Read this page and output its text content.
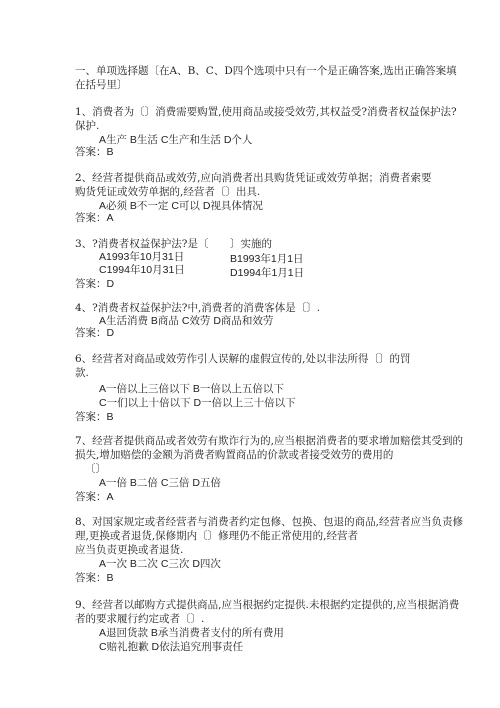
一、单项选择题〔在A、B、C、D四个选项中只有一个是正确答案,选出正确答案填
在括号里〕
1、消费者为〔〕消费需要购置,使用商品或接受效劳,其权益受?消费者权益保护法?
保护.
A生产 B生活 C生产和生活 D个人
答案：B
2、经营者提供商品或效劳,应向消费者出具购货凭证或效劳单据；消费者索要
购货凭证或效劳单据的,经营者〔〕出具.
A必须 B不一定 C可以 D视具体情况
答案：A
3、?消费者权益保护法?是〔 〕实施的
A1993年10月31日	B1993年1月1日
C1994年10月31日	D1994年1月1日
答案：D
4、?消费者权益保护法?中,消费者的消费客体是〔〕.
A生活消费 B商品 C效劳 D商品和效劳
答案：D
6、经营者对商品或效劳作引人误解的虚假宣传的,处以非法所得〔〕的罚
款.
A一倍以上三倍以下 B一倍以上五倍以下
C一们以上十倍以下 D一倍以上三十倍以下
答案：B
7、经营者提供商品或者效劳有欺诈行为的,应当根据消费者的要求增加赔偿其受到的
损失,增加赔偿的金额为消费者购置商品的价款或者接受效劳的费用的
〔〕
A一倍 B二倍 C三倍 D五倍
答案：A
8、对国家规定或者经营者与消费者约定包修、包换、包退的商品,经营者应当负责修
理,更换或者退货,保修期内〔〕修理仍不能正常使用的,经营者
应当负责更换或者退货.
A一次 B二次 C三次 D四次
答案：B
9、经营者以邮购方式提供商品,应当根据约定提供.未根据约定提供的,应当根据消费
者的要求履行约定或者〔〕.
A退回货款 B承当消费者支付的所有费用
C赔礼抱歉 D依法追究刑事责任
